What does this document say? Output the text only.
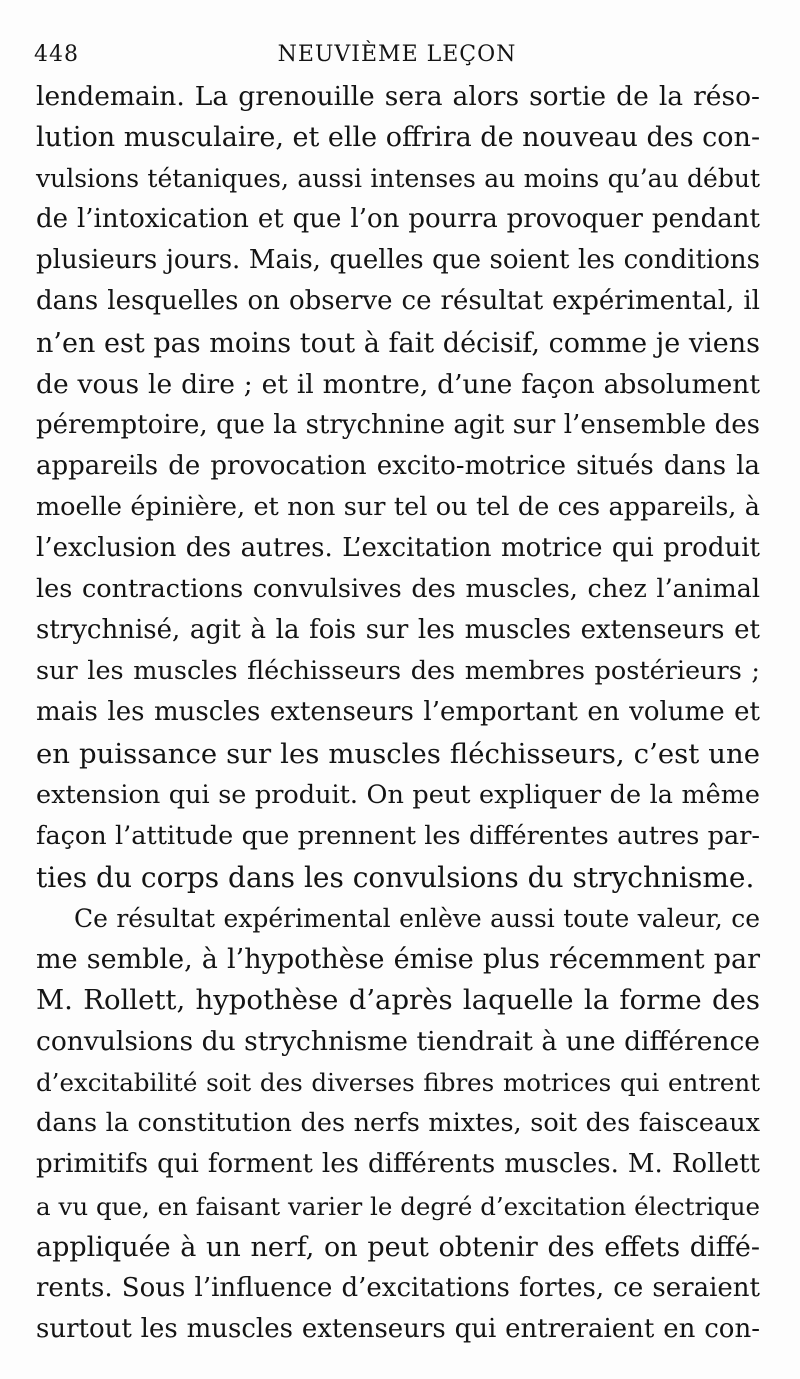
448	NEUVIÈME LEÇON
lendemain. La grenouille sera alors sortie de la réso-
lution musculaire, et elle offrira de nouveau des con-
vulsions tétaniques, aussi intenses au moins qu’au début
de l’intoxication et que l’on pourra provoquer pendant
plusieurs jours. Mais, quelles que soient les conditions
dans lesquelles on observe ce résultat expérimental, il
n’en est pas moins tout à fait décisif, comme je viens
de vous le dire ; et il montre, d’une façon absolument
péremptoire, que la strychnine agit sur l’ensemble des
appareils de provocation excito-motrice situés dans la
moelle épinière, et non sur tel ou tel de ces appareils, à
l’exclusion des autres. L’excitation motrice qui produit
les contractions convulsives des muscles, chez l’animal
strychnisé, agit à la fois sur les muscles extenseurs et
sur les muscles fléchisseurs des membres postérieurs ;
mais les muscles extenseurs l’emportant en volume et
en puissance sur les muscles fléchisseurs, c’est une
extension qui se produit. On peut expliquer de la même
façon l’attitude que prennent les différentes autres par-
ties du corps dans les convulsions du strychnisme.
Ce résultat expérimental enlève aussi toute valeur, ce
me semble, à l’hypothèse émise plus récemment par
M. Rollett, hypothèse d’après laquelle la forme des
convulsions du strychnisme tiendrait à une différence
d’excitabilité soit des diverses fibres motrices qui entrent
dans la constitution des nerfs mixtes, soit des faisceaux
primitifs qui forment les différents muscles. M. Rollett
a vu que, en faisant varier le degré d’excitation électrique
appliquée à un nerf, on peut obtenir des effets diffé-
rents. Sous l’influence d’excitations fortes, ce seraient
surtout les muscles extenseurs qui entreraient en con-
